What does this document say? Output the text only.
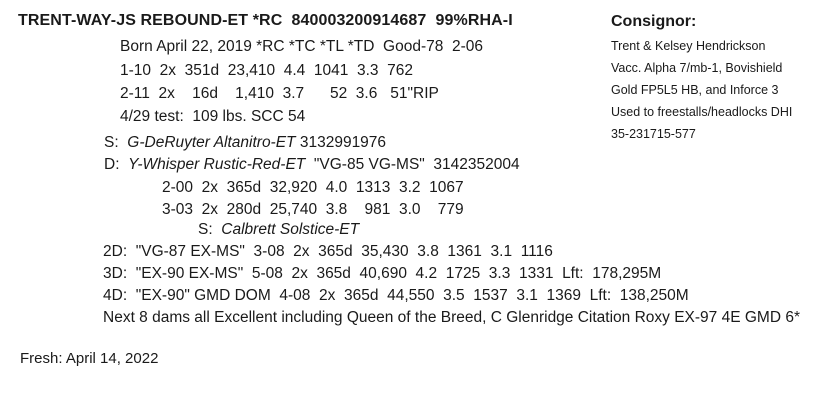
TRENT-WAY-JS REBOUND-ET *RC  840003200914687  99%RHA-I	Consignor:
Trent & Kelsey Hendrickson
Vacc. Alpha 7/mb-1, Bovishield
Gold FP5L5 HB, and Inforce 3
Used to freestalls/headlocks DHI
35-231715-577
Born April 22, 2019 *RC *TC *TL *TD  Good-78  2-06
1-10  2x  351d  23,410  4.4  1041  3.3  762
2-11  2x    16d    1,410  3.7      52  3.6   51"RIP
4/29 test:  109 lbs. SCC 54
S: G-DeRuyter Altanitro-ET 3132991976
D: Y-Whisper Rustic-Red-ET "VG-85 VG-MS"  3142352004
2-00  2x  365d  32,920  4.0  1313  3.2  1067
3-03  2x  280d  25,740  3.8    981  3.0    779
S: Calbrett Solstice-ET
2D:  "VG-87 EX-MS"  3-08  2x  365d  35,430  3.8  1361  3.1  1116
3D:  "EX-90 EX-MS"  5-08  2x  365d  40,690  4.2  1725  3.3  1331  Lft:  178,295M
4D:  "EX-90" GMD DOM  4-08  2x  365d  44,550  3.5  1537  3.1  1369  Lft:  138,250M
Next 8 dams all Excellent including Queen of the Breed, C Glenridge Citation Roxy EX-97 4E GMD 6*
Fresh: April 14, 2022
